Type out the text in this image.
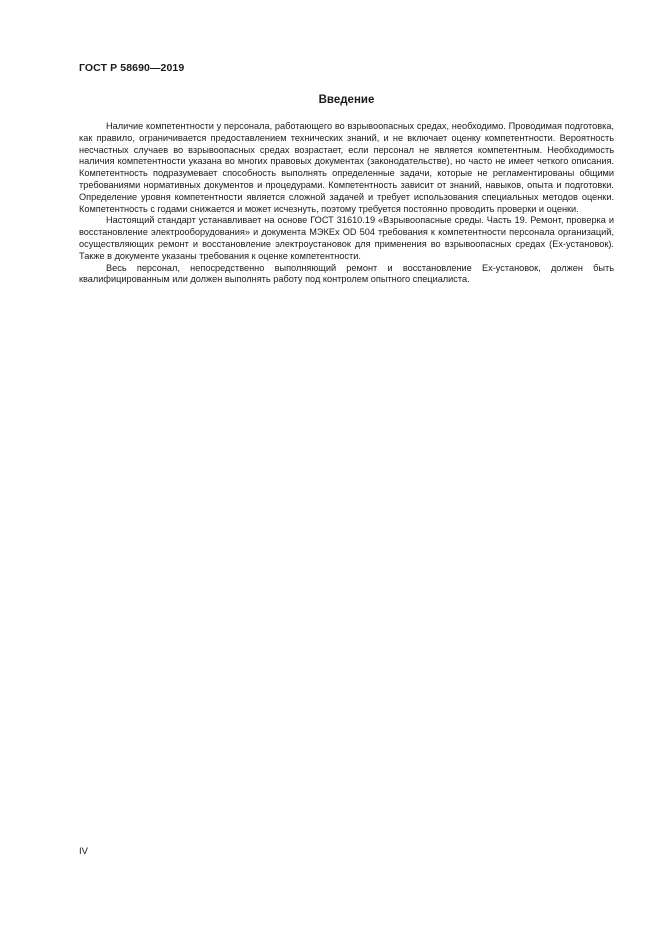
ГОСТ Р 58690—2019
Введение

Наличие компетентности у персонала, работающего во взрывоопасных средах, необходимо. Проводимая подготовка, как правило, ограничивается предоставлением технических знаний, и не включает оценку компетентности. Вероятность несчастных случаев во взрывоопасных средах возрастает, если персонал не является компетентным. Необходимость наличия компетентности указана во многих правовых документах (законодательстве), но часто не имеет четкого описания. Компетентность подразумевает способность выполнять определенные задачи, которые не регламентированы общими требованиями нормативных документов и процедурами. Компетентность зависит от знаний, навыков, опыта и подготовки. Определение уровня компетентности является сложной задачей и требует использования специальных методов оценки. Компетентность с годами снижается и может исчезнуть, поэтому требуется постоянно проводить проверки и оценки.

Настоящий стандарт устанавливает на основе ГОСТ 31610.19 «Взрывоопасные среды. Часть 19. Ремонт, проверка и восстановление электрооборудования» и документа МЭКЕх OD 504 требования к компетентности персонала организаций, осуществляющих ремонт и восстановление электроустановок для применения во взрывоопасных средах (Ex-установок). Также в документе указаны требования к оценке компетентности.

Весь персонал, непосредственно выполняющий ремонт и восстановление Ex-установок, должен быть квалифицированным или должен выполнять работу под контролем опытного специалиста.

IV
